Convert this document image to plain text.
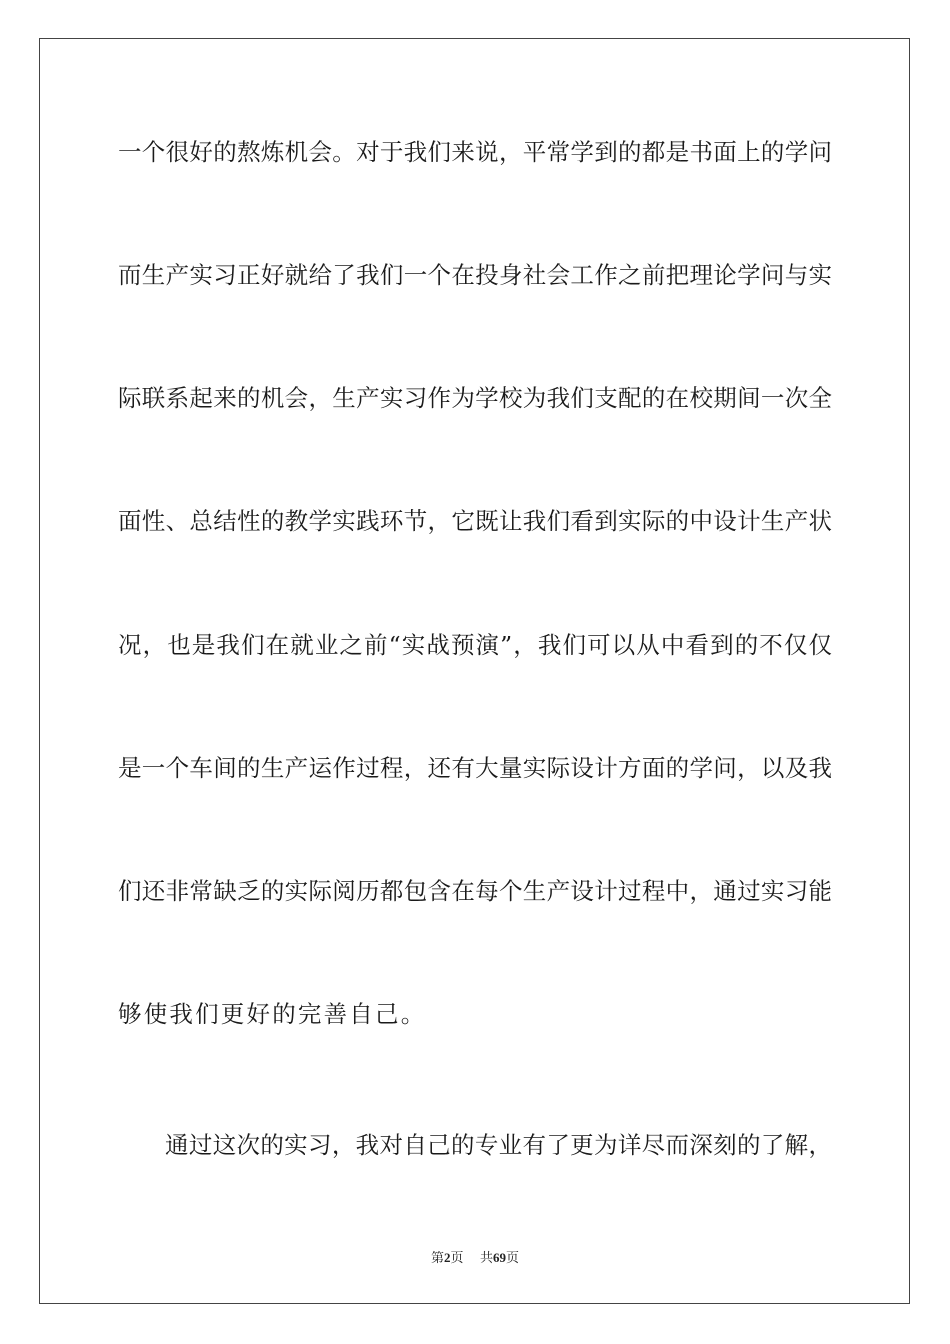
一个很好的熬炼机会。对于我们来说，平常学到的都是书面上的学问
而生产实习正好就给了我们一个在投身社会工作之前把理论学问与实
际联系起来的机会，生产实习作为学校为我们支配的在校期间一次全
面性、总结性的教学实践环节，它既让我们看到实际的中设计生产状
况，也是我们在就业之前“实战预演”，我们可以从中看到的不仅仅
是一个车间的生产运作过程，还有大量实际设计方面的学问，以及我
们还非常缺乏的实际阅历都包含在每个生产设计过程中，通过实习能
够使我们更好的完善自己。
通过这次的实习，我对自己的专业有了更为详尽而深刻的了解，
第2页 共69页
